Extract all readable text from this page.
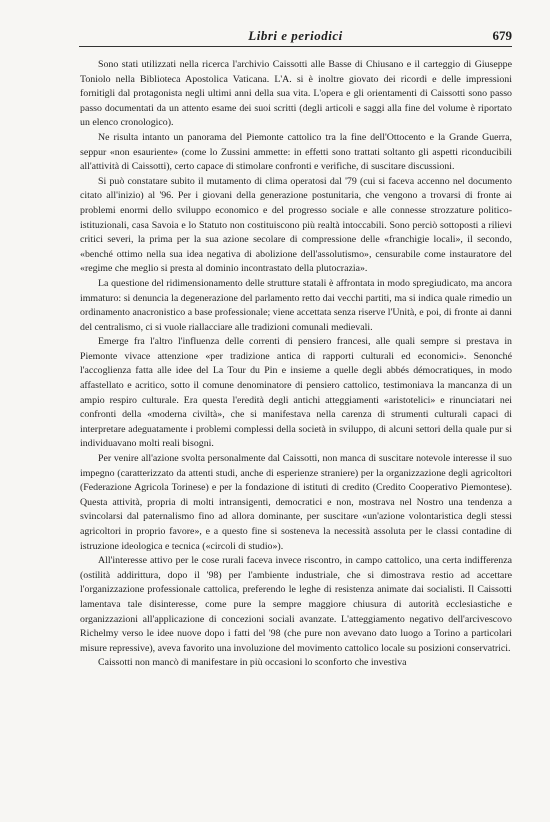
Libri e periodici	679

Sono stati utilizzati nella ricerca l'archivio Caissotti alle Basse di Chiusano e il carteggio di Giuseppe Toniolo nella Biblioteca Apostolica Vaticana. L'A. si è inoltre giovato dei ricordi e delle impressioni fornitigli dal protagonista negli ultimi anni della sua vita. L'opera e gli orientamenti di Caissotti sono passo passo documentati da un attento esame dei suoi scritti (degli articoli e saggi alla fine del volume è riportato un elenco cronologico).

Ne risulta intanto un panorama del Piemonte cattolico tra la fine dell'Ottocento e la Grande Guerra, seppur «non esauriente» (come lo Zussini ammette: in effetti sono trattati soltanto gli aspetti riconducibili all'attività di Caissotti), certo capace di stimolare confronti e verifiche, di suscitare discussioni.

Si può constatare subito il mutamento di clima operatosi dal '79 (cui si faceva accenno nel documento citato all'inizio) al '96. Per i giovani della generazione postunitaria, che vengono a trovarsi di fronte ai problemi enormi dello sviluppo economico e del progresso sociale e alle connesse strozzature politico-istituzionali, casa Savoia e lo Statuto non costituiscono più realtà intoccabili. Sono perciò sottoposti a rilievi critici severi, la prima per la sua azione secolare di compressione delle «franchigie locali», il secondo, «benché ottimo nella sua idea negativa di abolizione dell'assolutismo», censurabile come instauratore del «regime che meglio si presta al dominio incontrastato della plutocrazia».

La questione del ridimensionamento delle strutture statali è affrontata in modo spregiudicato, ma ancora immaturo: si denuncia la degenerazione del parlamento retto dai vecchi partiti, ma si indica quale rimedio un ordinamento anacronistico a base professionale; viene accettata senza riserve l'Unità, e poi, di fronte ai danni del centralismo, ci si vuole riallacciare alle tradizioni comunali medievali.

Emerge fra l'altro l'influenza delle correnti di pensiero francesi, alle quali sempre si prestava in Piemonte vivace attenzione «per tradizione antica di rapporti culturali ed economici». Senonché l'accoglienza fatta alle idee del La Tour du Pin e insieme a quelle degli abbés démocratiques, in modo affastellato e acritico, sotto il comune denominatore di pensiero cattolico, testimoniava la mancanza di un ampio respiro culturale. Era questa l'eredità degli antichi atteggiamenti «aristotelici» e rinunciatari nei confronti della «moderna civiltà», che si manifestava nella carenza di strumenti culturali capaci di interpretare adeguatamente i problemi complessi della società in sviluppo, di alcuni settori della quale pur si individuavano molti reali bisogni.

Per venire all'azione svolta personalmente dal Caissotti, non manca di suscitare notevole interesse il suo impegno (caratterizzato da attenti studi, anche di esperienze straniere) per la organizzazione degli agricoltori (Federazione Agricola Torinese) e per la fondazione di istituti di credito (Credito Cooperativo Piemontese). Questa attività, propria di molti intransigenti, democratici e non, mostrava nel Nostro una tendenza a svincolarsi dal paternalismo fino ad allora dominante, per suscitare «un'azione volontaristica degli stessi agricoltori in proprio favore», e a questo fine si sosteneva la necessità assoluta per le classi contadine di istruzione ideologica e tecnica («circoli di studio»).

All'interesse attivo per le cose rurali faceva invece riscontro, in campo cattolico, una certa indifferenza (ostilità addirittura, dopo il '98) per l'ambiente industriale, che si dimostrava restio ad accettare l'organizzazione professionale cattolica, preferendo le leghe di resistenza animate dai socialisti. Il Caissotti lamentava tale disinteresse, come pure la sempre maggiore chiusura di autorità ecclesiastiche e organizzazioni all'applicazione di concezioni sociali avanzate. L'atteggiamento negativo dell'arcivescovo Richelmy verso le idee nuove dopo i fatti del '98 (che pure non avevano dato luogo a Torino a particolari misure repressive), aveva favorito una involuzione del movimento cattolico locale su posizioni conservatrici.

Caissotti non mancò di manifestare in più occasioni lo sconforto che investiva
